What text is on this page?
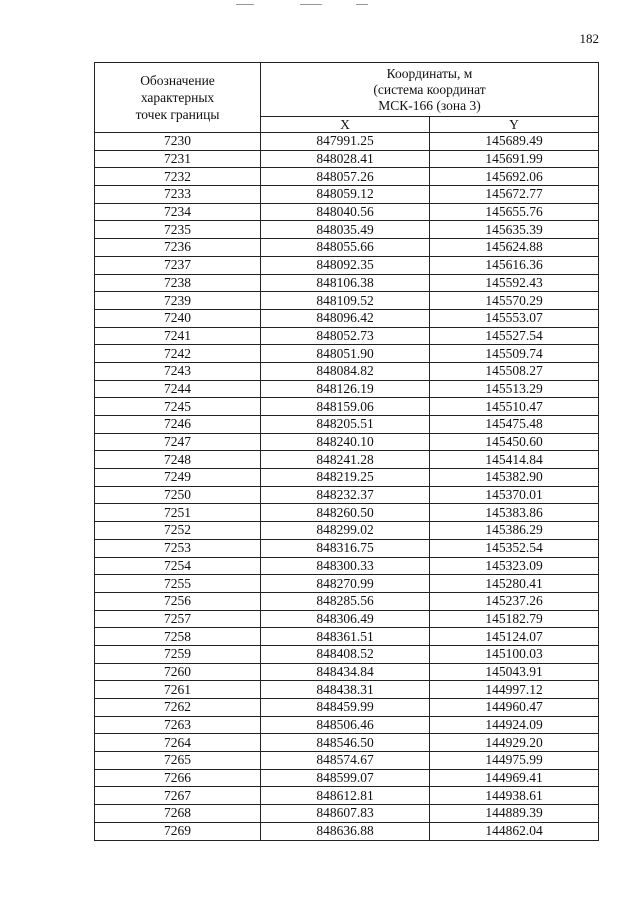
182
Обозначение
характерных
точек границы	Координаты, м
(система координат
МСК-166 (зона 3)	

	X	Y
7230	847991.25	145689.49
7231	848028.41	145691.99
7232	848057.26	145692.06
7233	848059.12	145672.77
7234	848040.56	145655.76
7235	848035.49	145635.39
7236	848055.66	145624.88
7237	848092.35	145616.36
7238	848106.38	145592.43
7239	848109.52	145570.29
7240	848096.42	145553.07
7241	848052.73	145527.54
7242	848051.90	145509.74
7243	848084.82	145508.27
7244	848126.19	145513.29
7245	848159.06	145510.47
7246	848205.51	145475.48
7247	848240.10	145450.60
7248	848241.28	145414.84
7249	848219.25	145382.90
7250	848232.37	145370.01
7251	848260.50	145383.86
7252	848299.02	145386.29
7253	848316.75	145352.54
7254	848300.33	145323.09
7255	848270.99	145280.41
7256	848285.56	145237.26
7257	848306.49	145182.79
7258	848361.51	145124.07
7259	848408.52	145100.03
7260	848434.84	145043.91
7261	848438.31	144997.12
7262	848459.99	144960.47
7263	848506.46	144924.09
7264	848546.50	144929.20
7265	848574.67	144975.99
7266	848599.07	144969.41
7267	848612.81	144938.61
7268	848607.83	144889.39
7269	848636.88	144862.04
